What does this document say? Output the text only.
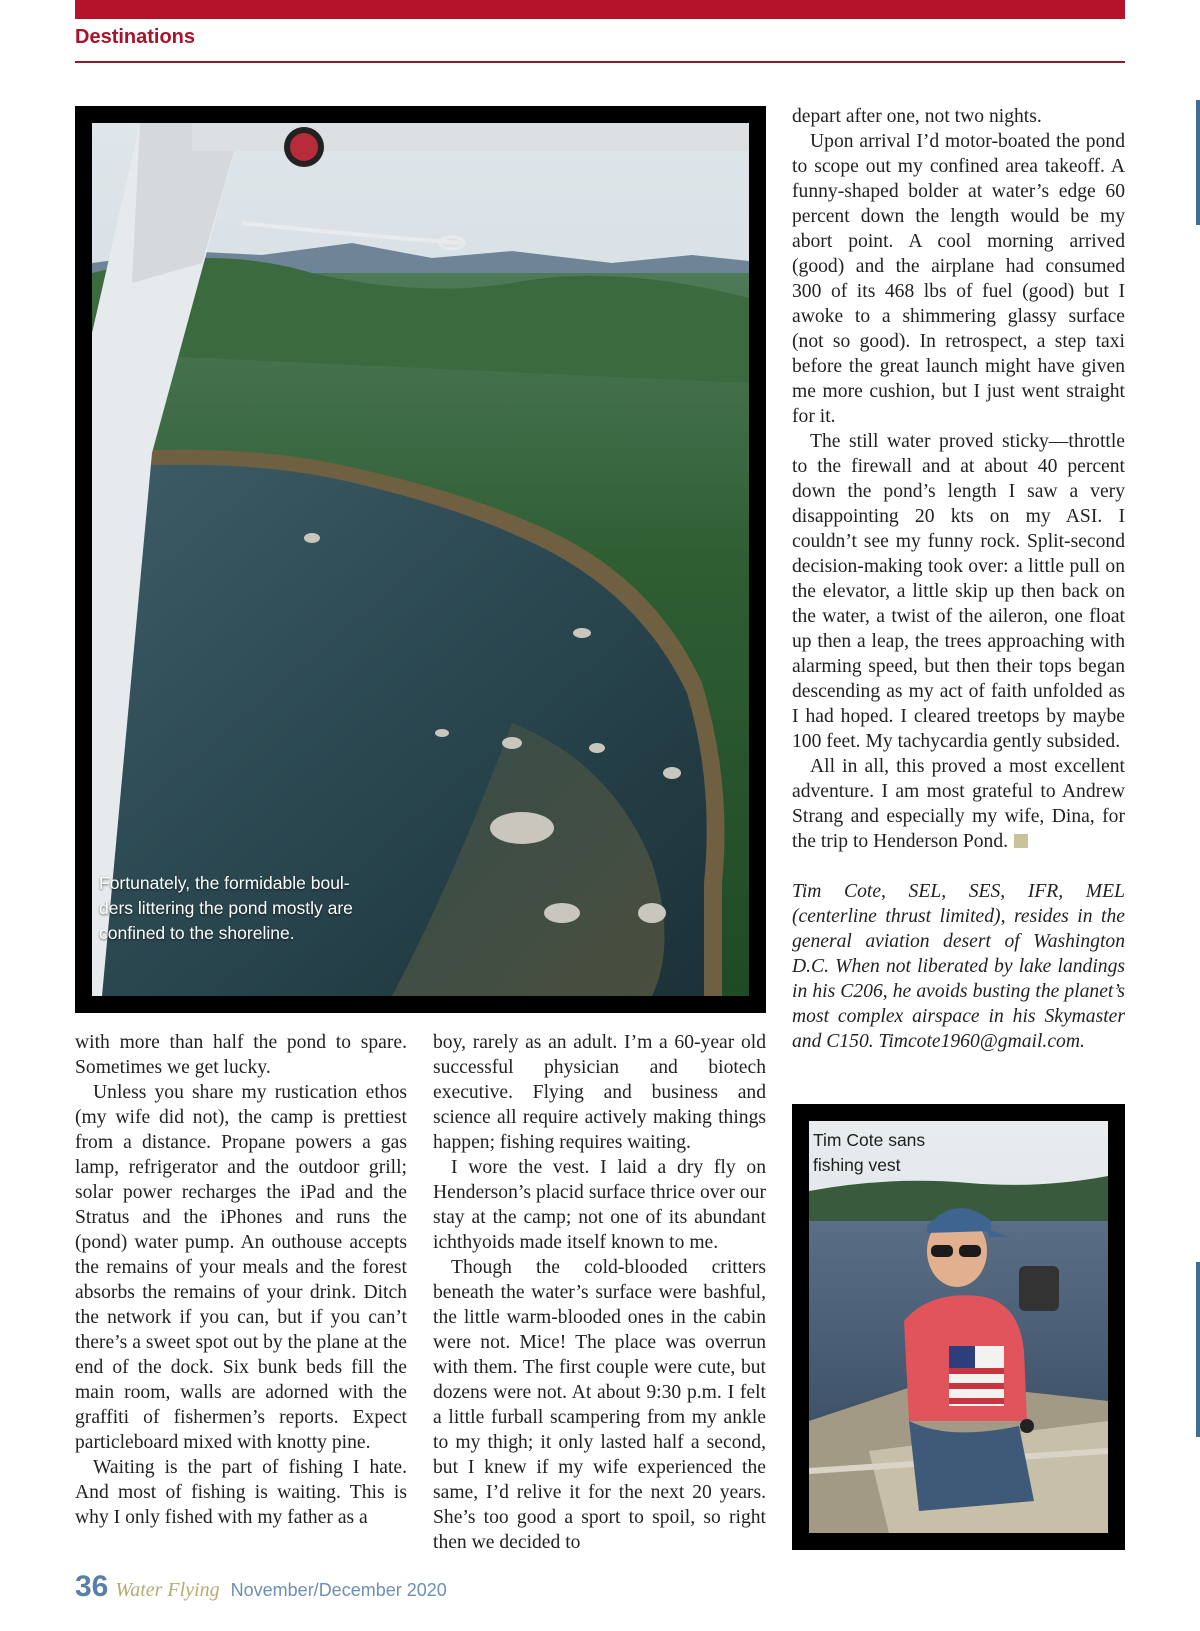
Destinations
Fortunately, the formidable boul-
ders littering the pond mostly are
confined to the shoreline.

with more than half the pond to spare. Sometimes we get lucky.

Unless you share my rustication ethos (my wife did not), the camp is prettiest from a distance. Propane powers a gas lamp, refrigerator and the outdoor grill; solar power recharges the iPad and the Stratus and the iPhones and runs the (pond) water pump. An outhouse accepts the remains of your meals and the forest absorbs the remains of your drink. Ditch the network if you can, but if you can’t there’s a sweet spot out by the plane at the end of the dock. Six bunk beds fill the main room, walls are adorned with the graffiti of fishermen’s reports. Expect particleboard mixed with knotty pine.

Waiting is the part of fishing I hate. And most of fishing is waiting. This is why I only fished with my father as a

boy, rarely as an adult. I’m a 60-year old successful physician and biotech executive. Flying and business and science all require actively making things happen; fishing requires waiting.

I wore the vest. I laid a dry fly on Henderson’s placid surface thrice over our stay at the camp; not one of its abundant ichthyoids made itself known to me.

Though the cold-blooded critters beneath the water’s surface were bashful, the little warm-blooded ones in the cabin were not. Mice! The place was overrun with them. The first couple were cute, but dozens were not. At about 9:30 p.m. I felt a little furball scampering from my ankle to my thigh; it only lasted half a second, but I knew if my wife experienced the same, I’d relive it for the next 20 years. She’s too good a sport to spoil, so right then we decided to

depart after one, not two nights.

Upon arrival I’d motor-boated the pond to scope out my confined area takeoff. A funny-shaped bolder at water’s edge 60 percent down the length would be my abort point. A cool morning arrived (good) and the airplane had consumed 300 of its 468 lbs of fuel (good) but I awoke to a shimmering glassy surface (not so good). In retrospect, a step taxi before the great launch might have given me more cushion, but I just went straight for it.

The still water proved sticky—throttle to the firewall and at about 40 percent down the pond’s length I saw a very disappointing 20 kts on my ASI. I couldn’t see my funny rock. Split-second decision-making took over: a little pull on the elevator, a little skip up then back on the water, a twist of the aileron, one float up then a leap, the trees approaching with alarming speed, but then their tops began descending as my act of faith unfolded as I had hoped. I cleared treetops by maybe 100 feet. My tachycardia gently subsided.

All in all, this proved a most excellent adventure. I am most grateful to Andrew Strang and especially my wife, Dina, for the trip to Henderson Pond.

Tim Cote, SEL, SES, IFR, MEL (centerline thrust limited), resides in the general aviation desert of Washington D.C. When not liberated by lake landings in his C206, he avoids busting the planet’s most complex airspace in his Skymaster and C150. Timcote1960@gmail.com.

Tim Cote sans
fishing vest
36 Water Flying November/December 2020
